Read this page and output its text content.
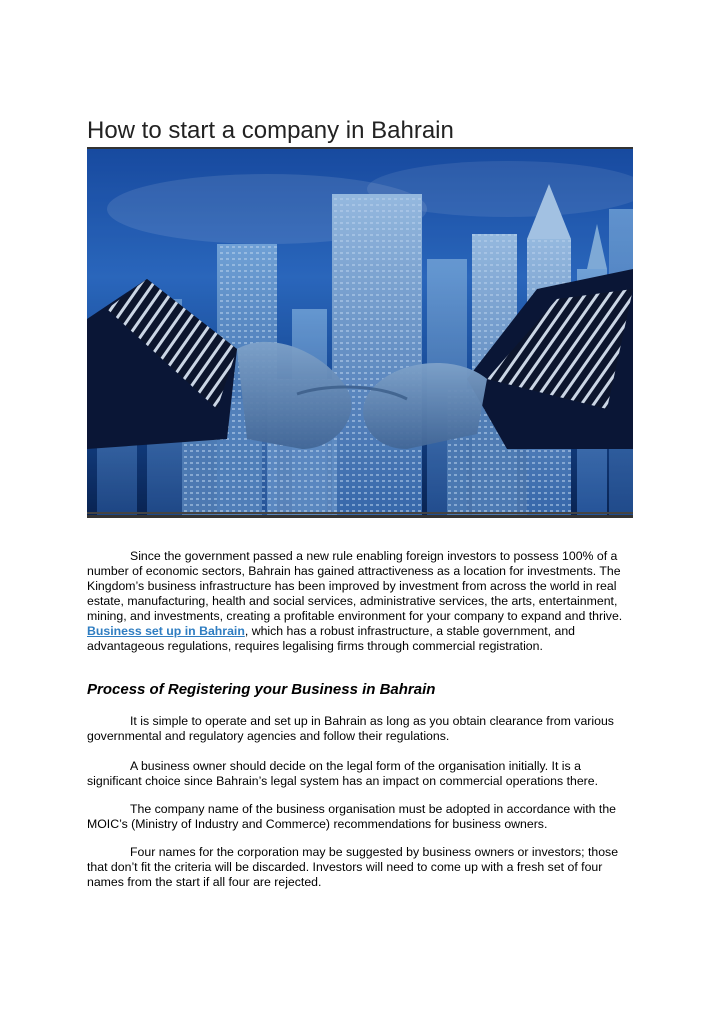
How to start a company in Bahrain

Since the government passed a new rule enabling foreign investors to possess 100% of a number of economic sectors, Bahrain has gained attractiveness as a location for investments. The Kingdom’s business infrastructure has been improved by investment from across the world in real estate, manufacturing, health and social services, administrative services, the arts, entertainment, mining, and investments, creating a profitable environment for your company to expand and thrive.

Business set up in Bahrain, which has a robust infrastructure, a stable government, and advantageous regulations, requires legalising firms through commercial registration.

Process of Registering your Business in Bahrain

It is simple to operate and set up in Bahrain as long as you obtain clearance from various governmental and regulatory agencies and follow their regulations.

A business owner should decide on the legal form of the organisation initially. It is a significant choice since Bahrain’s legal system has an impact on commercial operations there.

The company name of the business organisation must be adopted in accordance with the MOIC’s (Ministry of Industry and Commerce) recommendations for business owners.

Four names for the corporation may be suggested by business owners or investors; those that don’t fit the criteria will be discarded. Investors will need to come up with a fresh set of four names from the start if all four are rejected.
